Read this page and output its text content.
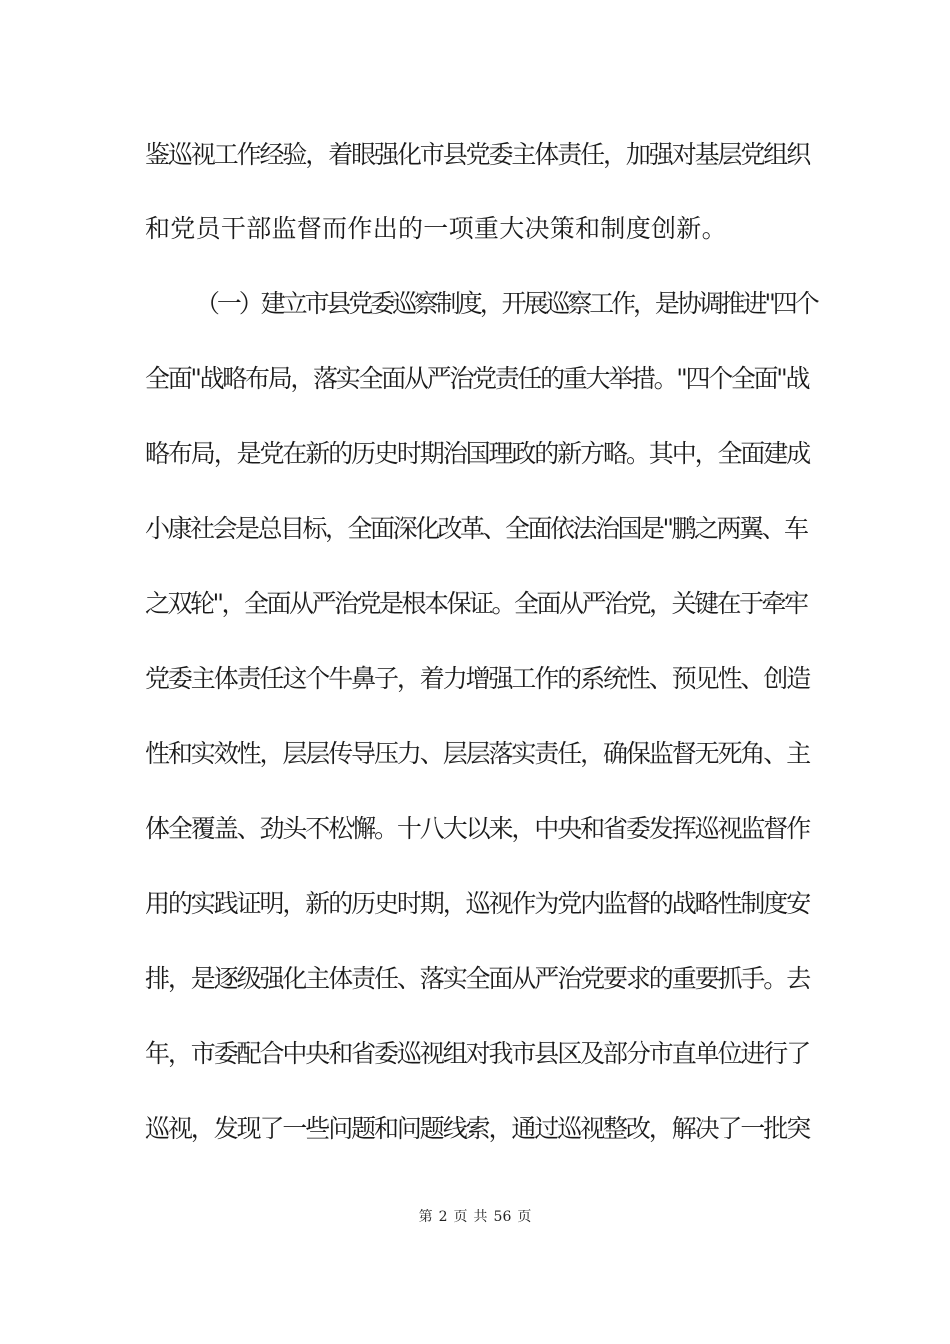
鉴巡视工作经验，着眼强化市县党委主体责任，加强对基层党组织
和党员干部监督而作出的一项重大决策和制度创新。
（一）建立市县党委巡察制度，开展巡察工作，是协调推进"四个
全面"战略布局，落实全面从严治党责任的重大举措。"四个全面"战
略布局，是党在新的历史时期治国理政的新方略。其中，全面建成
小康社会是总目标，全面深化改革、全面依法治国是"鹏之两翼、车
之双轮"，全面从严治党是根本保证。全面从严治党，关键在于牵牢
党委主体责任这个牛鼻子，着力增强工作的系统性、预见性、创造
性和实效性，层层传导压力、层层落实责任，确保监督无死角、主
体全覆盖、劲头不松懈。十八大以来，中央和省委发挥巡视监督作
用的实践证明，新的历史时期，巡视作为党内监督的战略性制度安
排，是逐级强化主体责任、落实全面从严治党要求的重要抓手。去
年，市委配合中央和省委巡视组对我市县区及部分市直单位进行了
巡视，发现了一些问题和问题线索，通过巡视整改，解决了一批突
第 2 页 共 56 页
